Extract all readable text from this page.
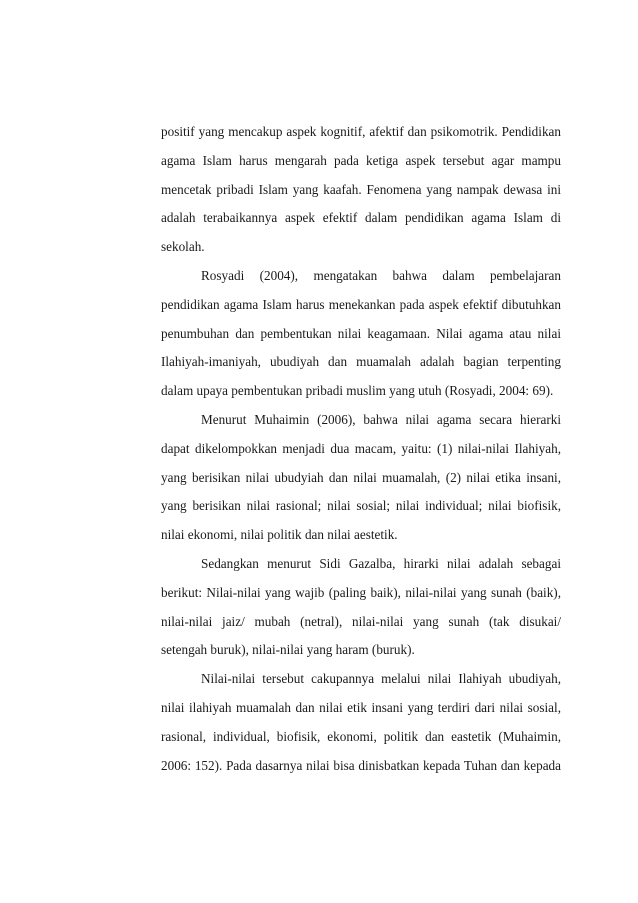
positif yang mencakup aspek kognitif, afektif dan psikomotrik. Pendidikan
agama Islam harus mengarah pada ketiga aspek tersebut agar mampu
mencetak pribadi Islam yang kaafah. Fenomena yang nampak dewasa ini
adalah terabaikannya aspek efektif dalam pendidikan agama Islam di
sekolah.
Rosyadi (2004), mengatakan bahwa dalam pembelajaran
pendidikan agama Islam harus menekankan pada aspek efektif dibutuhkan
penumbuhan dan pembentukan nilai keagamaan. Nilai agama atau nilai
Ilahiyah-imaniyah, ubudiyah dan muamalah adalah bagian terpenting
dalam upaya pembentukan pribadi muslim yang utuh (Rosyadi, 2004: 69).
Menurut Muhaimin (2006), bahwa nilai agama secara hierarki
dapat dikelompokkan menjadi dua macam, yaitu: (1) nilai-nilai Ilahiyah,
yang berisikan nilai ubudyiah dan nilai muamalah, (2) nilai etika insani,
yang berisikan nilai rasional; nilai sosial; nilai individual; nilai biofisik,
nilai ekonomi, nilai politik dan nilai aestetik.
Sedangkan menurut Sidi Gazalba, hirarki nilai adalah sebagai
berikut: Nilai-nilai yang wajib (paling baik), nilai-nilai yang sunah (baik),
nilai-nilai jaiz/ mubah (netral), nilai-nilai yang sunah (tak disukai/
setengah buruk), nilai-nilai yang haram (buruk).
Nilai-nilai tersebut cakupannya melalui nilai Ilahiyah ubudiyah,
nilai ilahiyah muamalah dan nilai etik insani yang terdiri dari nilai sosial,
rasional, individual, biofisik, ekonomi, politik dan eastetik (Muhaimin,
2006: 152). Pada dasarnya nilai bisa dinisbatkan kepada Tuhan dan kepada
